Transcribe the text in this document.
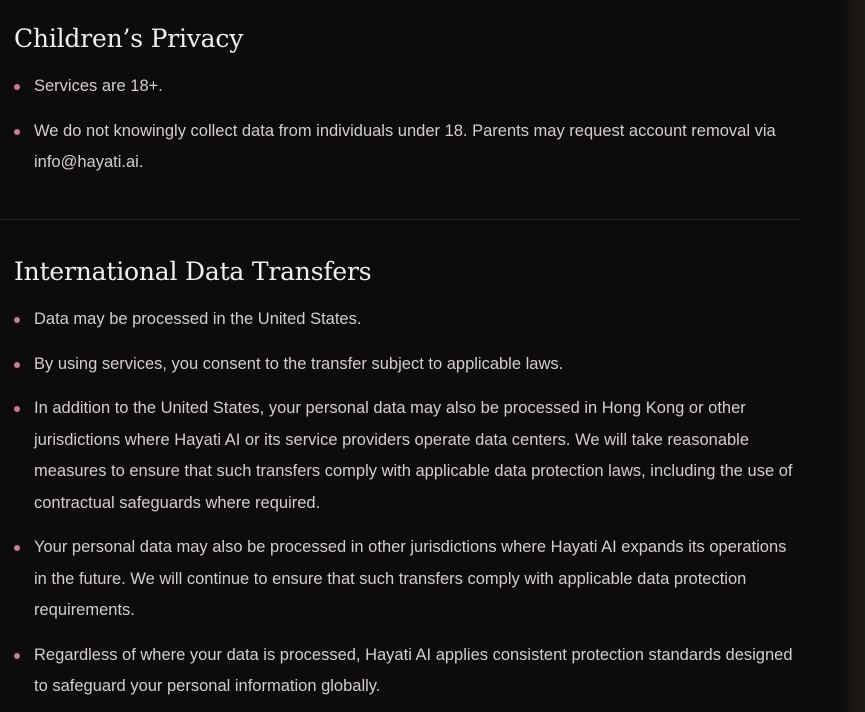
Children’s Privacy
Services are 18+.
We do not knowingly collect data from individuals under 18. Parents may request account removal via info@hayati.ai.
International Data Transfers
Data may be processed in the United States.
By using services, you consent to the transfer subject to applicable laws.
In addition to the United States, your personal data may also be processed in Hong Kong or other jurisdictions where Hayati AI or its service providers operate data centers. We will take reasonable measures to ensure that such transfers comply with applicable data protection laws, including the use of contractual safeguards where required.
Your personal data may also be processed in other jurisdictions where Hayati AI expands its operations in the future. We will continue to ensure that such transfers comply with applicable data protection requirements.
Regardless of where your data is processed, Hayati AI applies consistent protection standards designed to safeguard your personal information globally.
